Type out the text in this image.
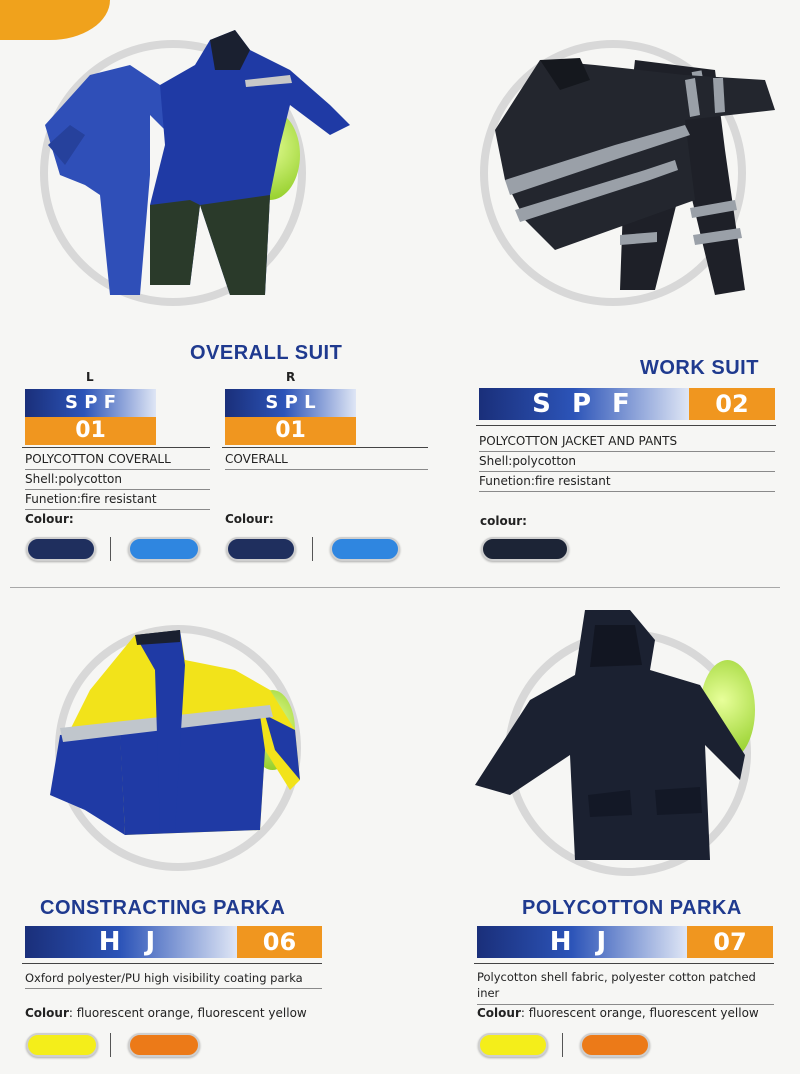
OVERALL SUIT
L
S P F
01
POLYCOTTON COVERALL
Shell:polycotton
Funetion:fire resistant
Colour:
R
S P L
01
COVERALL
Colour:
WORK SUIT
S P F	02
POLYCOTTON JACKET AND PANTS
Shell:polycotton
Funetion:fire resistant
colour:
CONSTRACTING PARKA
H J	06
Oxford polyester/PU high visibility coating parka
Colour: fluorescent orange, fluorescent yellow
POLYCOTTON PARKA
H J	07
Polycotton shell fabric, polyester cotton patched
iner
Colour: fluorescent orange, fluorescent yellow
